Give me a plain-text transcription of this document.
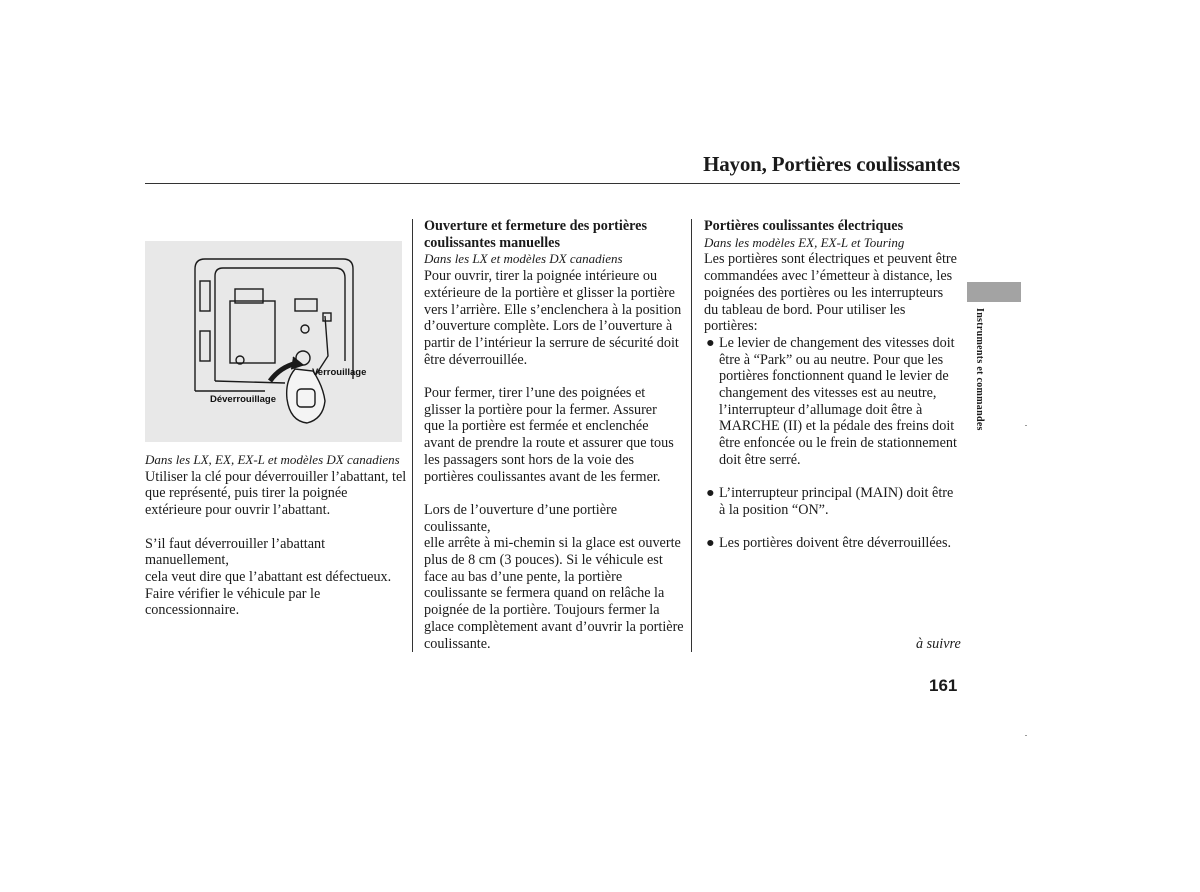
Hayon, Portières coulissantes
Verrouillage
Déverrouillage

Dans les LX, EX, EX-L et modèles DX canadiens

Utiliser la clé pour déverrouiller l’abattant, tel
que représenté, puis tirer la poignée
extérieure pour ouvrir l’abattant.

S’il faut déverrouiller l’abattant manuellement,
cela veut dire que l’abattant est défectueux.
Faire vérifier le véhicule par le
concessionnaire.

Ouverture et fermeture des portières
coulissantes manuelles

Dans les LX et modèles DX canadiens

Pour ouvrir, tirer la poignée intérieure ou
extérieure de la portière et glisser la portière
vers l’arrière. Elle s’enclenchera à la position
d’ouverture complète. Lors de l’ouverture à
partir de l’intérieur la serrure de sécurité doit
être déverrouillée.

Pour fermer, tirer l’une des poignées et
glisser la portière pour la fermer. Assurer
que la portière est fermée et enclenchée
avant de prendre la route et assurer que tous
les passagers sont hors de la voie des
portières coulissantes avant de les fermer.

Lors de l’ouverture d’une portière coulissante,
elle arrête à mi-chemin si la glace est ouverte
plus de 8 cm (3 pouces). Si le véhicule est
face au bas d’une pente, la portière
coulissante se fermera quand on relâche la
poignée de la portière. Toujours fermer la
glace complètement avant d’ouvrir la portière
coulissante.

Portières coulissantes électriques

Dans les modèles EX, EX-L et Touring

Les portières sont électriques et peuvent être
commandées avec l’émetteur à distance, les
poignées des portières ou les interrupteurs
du tableau de bord. Pour utiliser les
portières:

● Le levier de changement des vitesses doit
être à “Park” ou au neutre. Pour que les
portières fonctionnent quand le levier de
changement des vitesses est au neutre,
l’interrupteur d’allumage doit être à
MARCHE (II) et la pédale des freins doit
être enfoncée ou le frein de stationnement
doit être serré.
● L’interrupteur principal (MAIN) doit être
à la position “ON”.
● Les portières doivent être déverrouillées.
Instruments et commandes
à suivre
161
